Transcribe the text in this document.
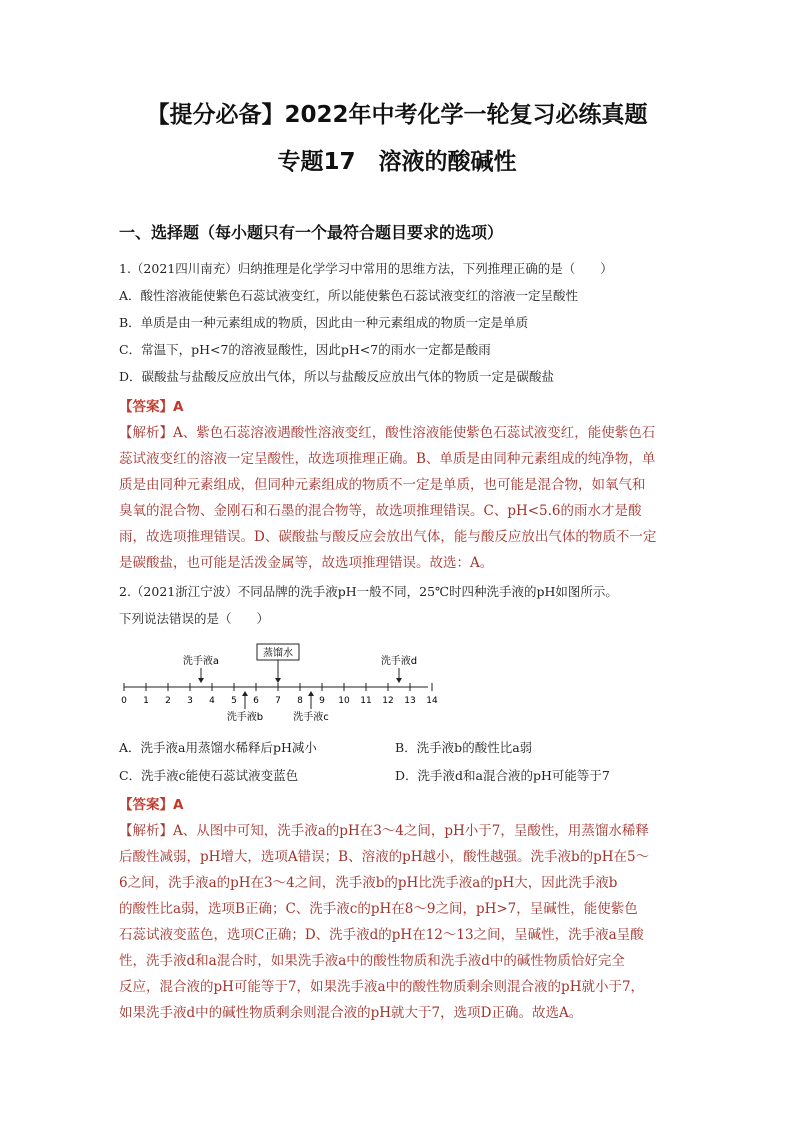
【提分必备】2022年中考化学一轮复习必练真题
专题17　溶液的酸碱性
一、选择题（每小题只有一个最符合题目要求的选项）
1.（2021四川南充）归纳推理是化学学习中常用的思维方法，下列推理正确的是（　　）
A．酸性溶液能使紫色石蕊试液变红，所以能使紫色石蕊试液变红的溶液一定呈酸性
B．单质是由一种元素组成的物质，因此由一种元素组成的物质一定是单质
C．常温下，pH<7的溶液显酸性，因此pH<7的雨水一定都是酸雨
D．碳酸盐与盐酸反应放出气体，所以与盐酸反应放出气体的物质一定是碳酸盐
【答案】A
【解析】A、紫色石蕊溶液遇酸性溶液变红，酸性溶液能使紫色石蕊试液变红，能使紫色石
蕊试液变红的溶液一定呈酸性，故选项推理正确。B、单质是由同种元素组成的纯净物，单
质是由同种元素组成，但同种元素组成的物质不一定是单质，也可能是混合物，如氧气和
臭氧的混合物、金刚石和石墨的混合物等，故选项推理错误。C、pH<5.6的雨水才是酸
雨，故选项推理错误。D、碳酸盐与酸反应会放出气体，能与酸反应放出气体的物质不一定
是碳酸盐，也可能是活泼金属等，故选项推理错误。故选：A。
2.（2021浙江宁波）不同品牌的洗手液pH一般不同，25℃时四种洗手液的pH如图所示。
下列说法错误的是（　　）
0 1 2 3 4 5 6 7 8 9 10 11 12 13 14
洗手液a
蒸馏水
洗手液d
洗手液b	洗手液c
A．洗手液a用蒸馏水稀释后pH减小	B．洗手液b的酸性比a弱
C．洗手液c能使石蕊试液变蓝色	D．洗手液d和a混合液的pH可能等于7
【答案】A
【解析】A、从图中可知，洗手液a的pH在3～4之间，pH小于7，呈酸性，用蒸馏水稀释
后酸性减弱，pH增大，选项A错误；B、溶液的pH越小，酸性越强。洗手液b的pH在5～
6之间，洗手液a的pH在3～4之间，洗手液b的pH比洗手液a的pH大，因此洗手液b
的酸性比a弱，选项B正确；C、洗手液c的pH在8～9之间，pH>7，呈碱性，能使紫色
石蕊试液变蓝色，选项C正确；D、洗手液d的pH在12～13之间，呈碱性，洗手液a呈酸
性，洗手液d和a混合时，如果洗手液a中的酸性物质和洗手液d中的碱性物质恰好完全
反应，混合液的pH可能等于7，如果洗手液a中的酸性物质剩余则混合液的pH就小于7，
如果洗手液d中的碱性物质剩余则混合液的pH就大于7，选项D正确。故选A。
